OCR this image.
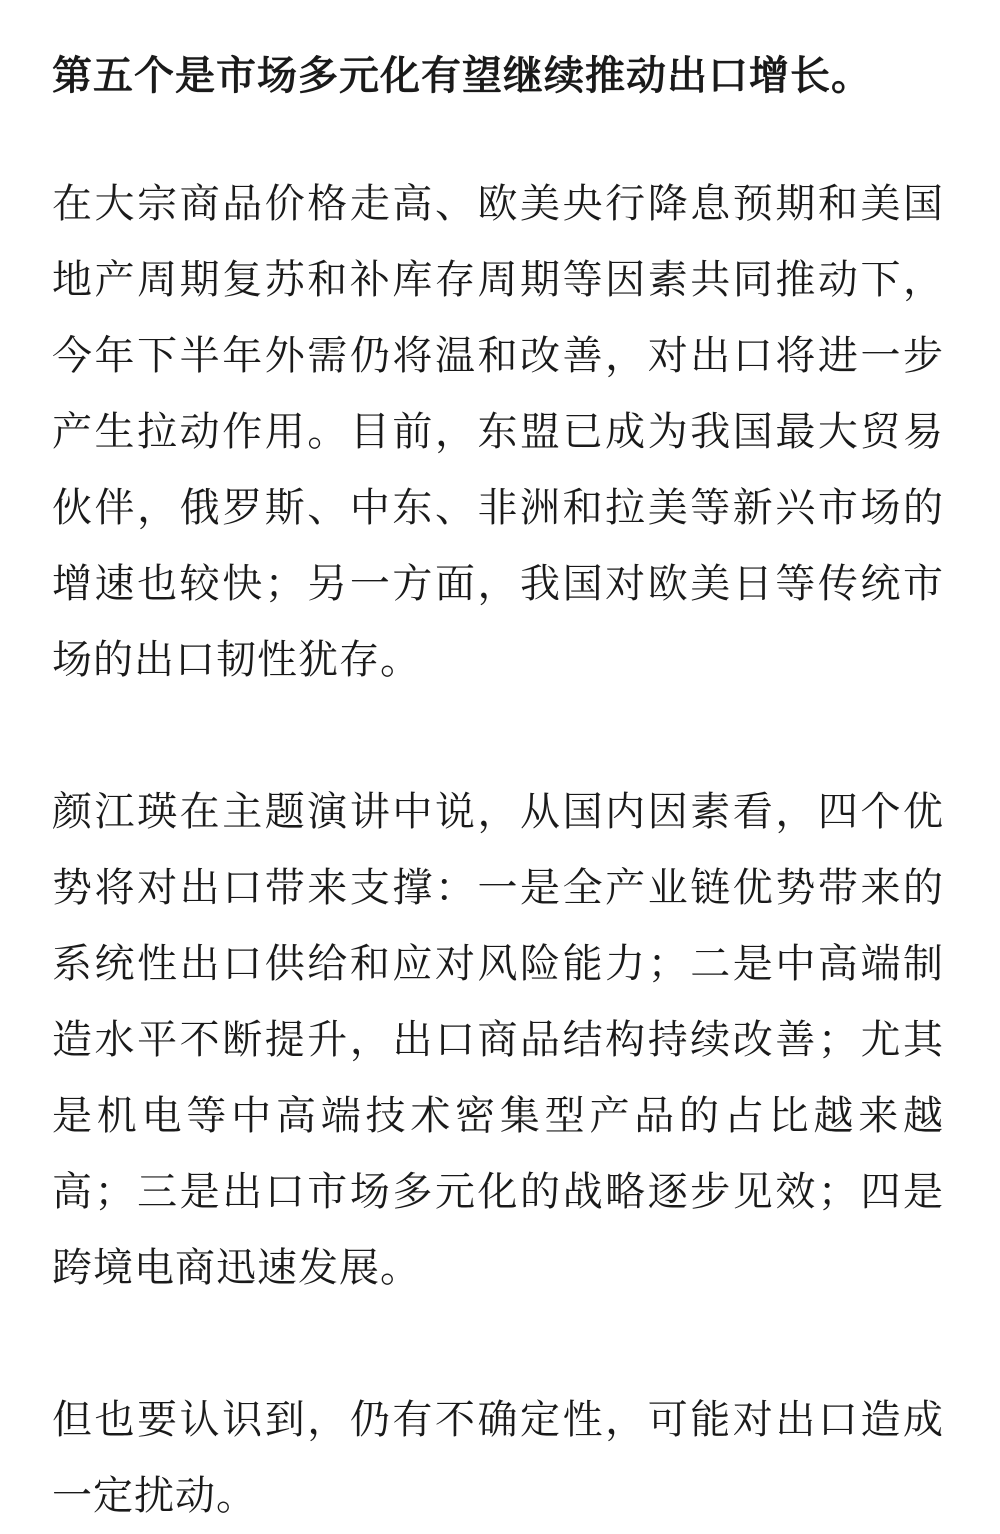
第五个是市场多元化有望继续推动出口增长。
在大宗商品价格走高、欧美央行降息预期和美国
地产周期复苏和补库存周期等因素共同推动下，
今年下半年外需仍将温和改善，对出口将进一步
产生拉动作用。目前，东盟已成为我国最大贸易
伙伴，俄罗斯、中东、非洲和拉美等新兴市场的
增速也较快；另一方面，我国对欧美日等传统市
场的出口韧性犹存。
颜江瑛在主题演讲中说，从国内因素看，四个优
势将对出口带来支撑：一是全产业链优势带来的
系统性出口供给和应对风险能力；二是中高端制
造水平不断提升，出口商品结构持续改善；尤其
是机电等中高端技术密集型产品的占比越来越
高；三是出口市场多元化的战略逐步见效；四是
跨境电商迅速发展。
但也要认识到，仍有不确定性，可能对出口造成
一定扰动。
